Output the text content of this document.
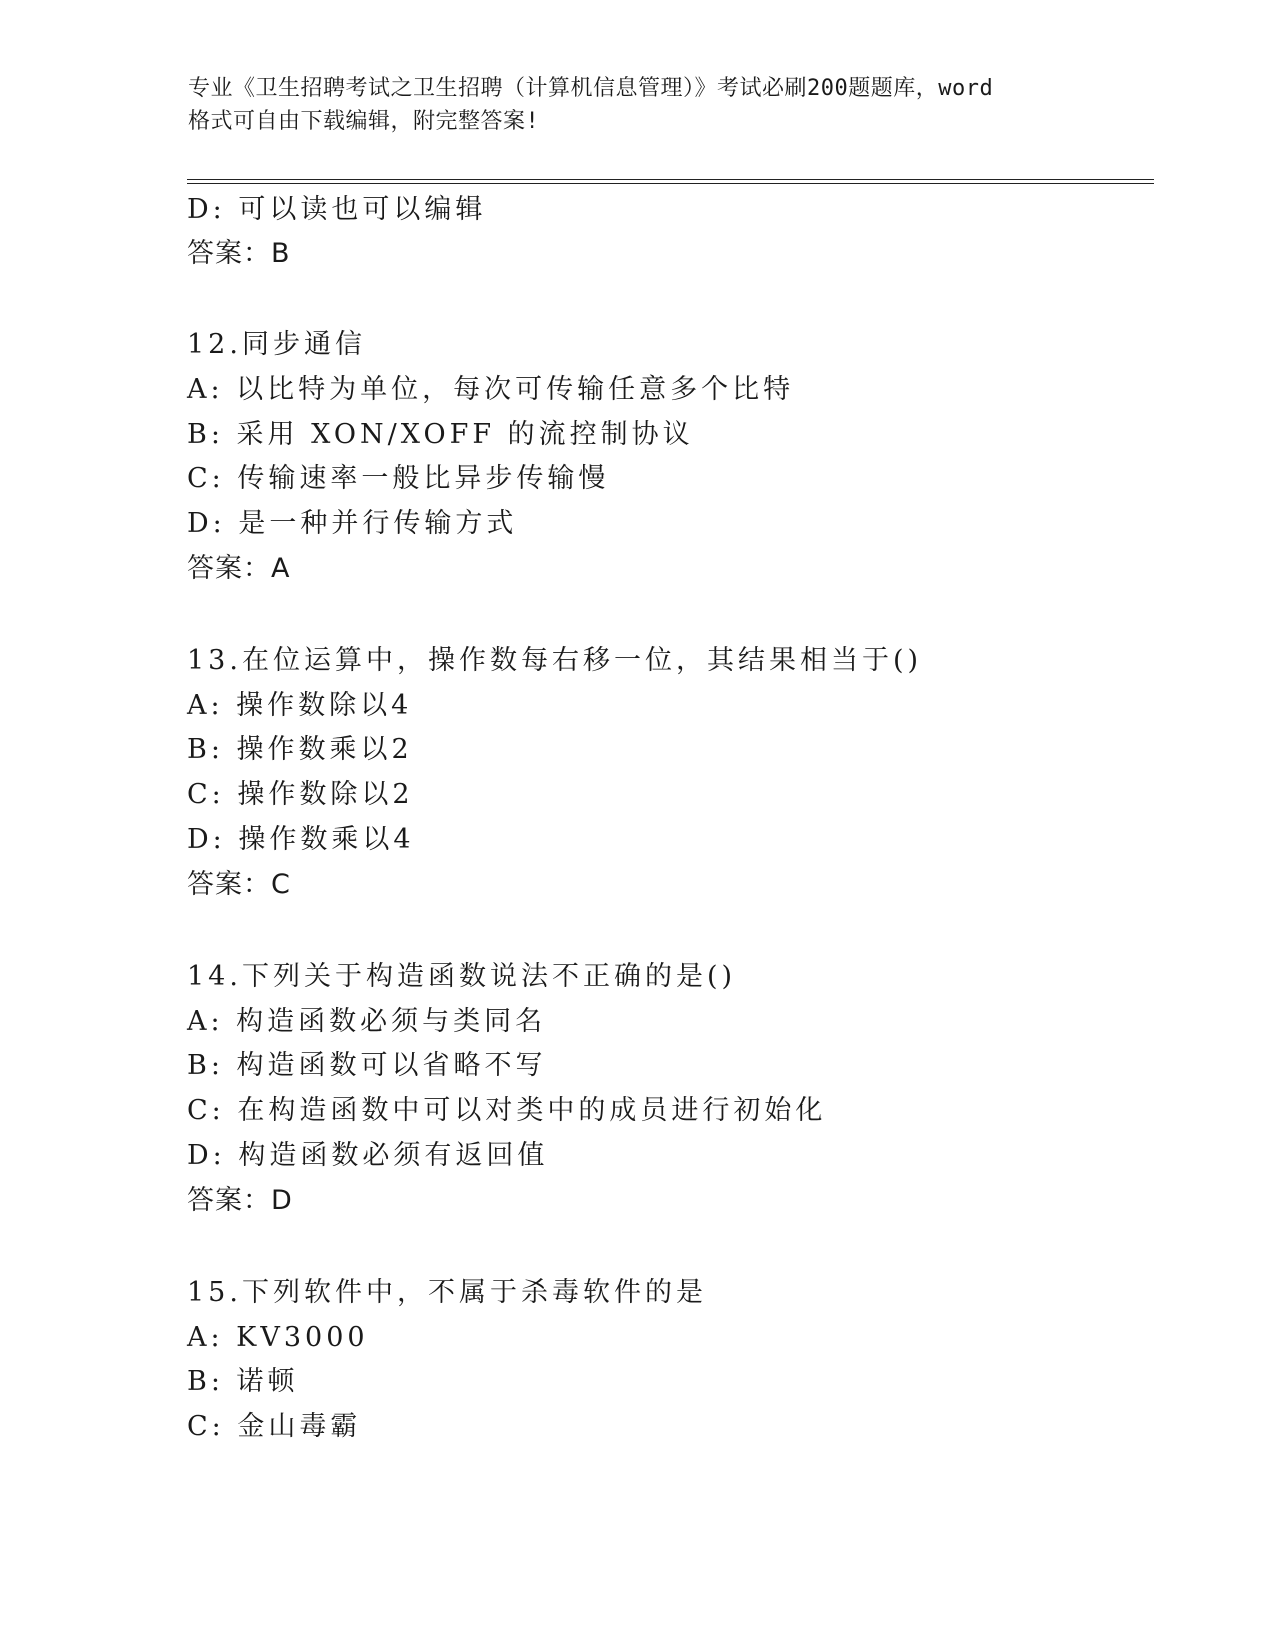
专业《卫生招聘考试之卫生招聘（计算机信息管理）》考试必刷200题题库，word
格式可自由下载编辑，附完整答案!
D: 可以读也可以编辑
答案：B
12.同步通信
A: 以比特为单位，每次可传输任意多个比特
B: 采用 XON/XOFF 的流控制协议
C: 传输速率一般比异步传输慢
D: 是一种并行传输方式
答案：A
13.在位运算中，操作数每右移一位，其结果相当于()
A: 操作数除以4
B: 操作数乘以2
C: 操作数除以2
D: 操作数乘以4
答案：C
14.下列关于构造函数说法不正确的是()
A: 构造函数必须与类同名
B: 构造函数可以省略不写
C: 在构造函数中可以对类中的成员进行初始化
D: 构造函数必须有返回值
答案：D
15.下列软件中，不属于杀毒软件的是
A: KV3000
B: 诺顿
C: 金山毒霸
